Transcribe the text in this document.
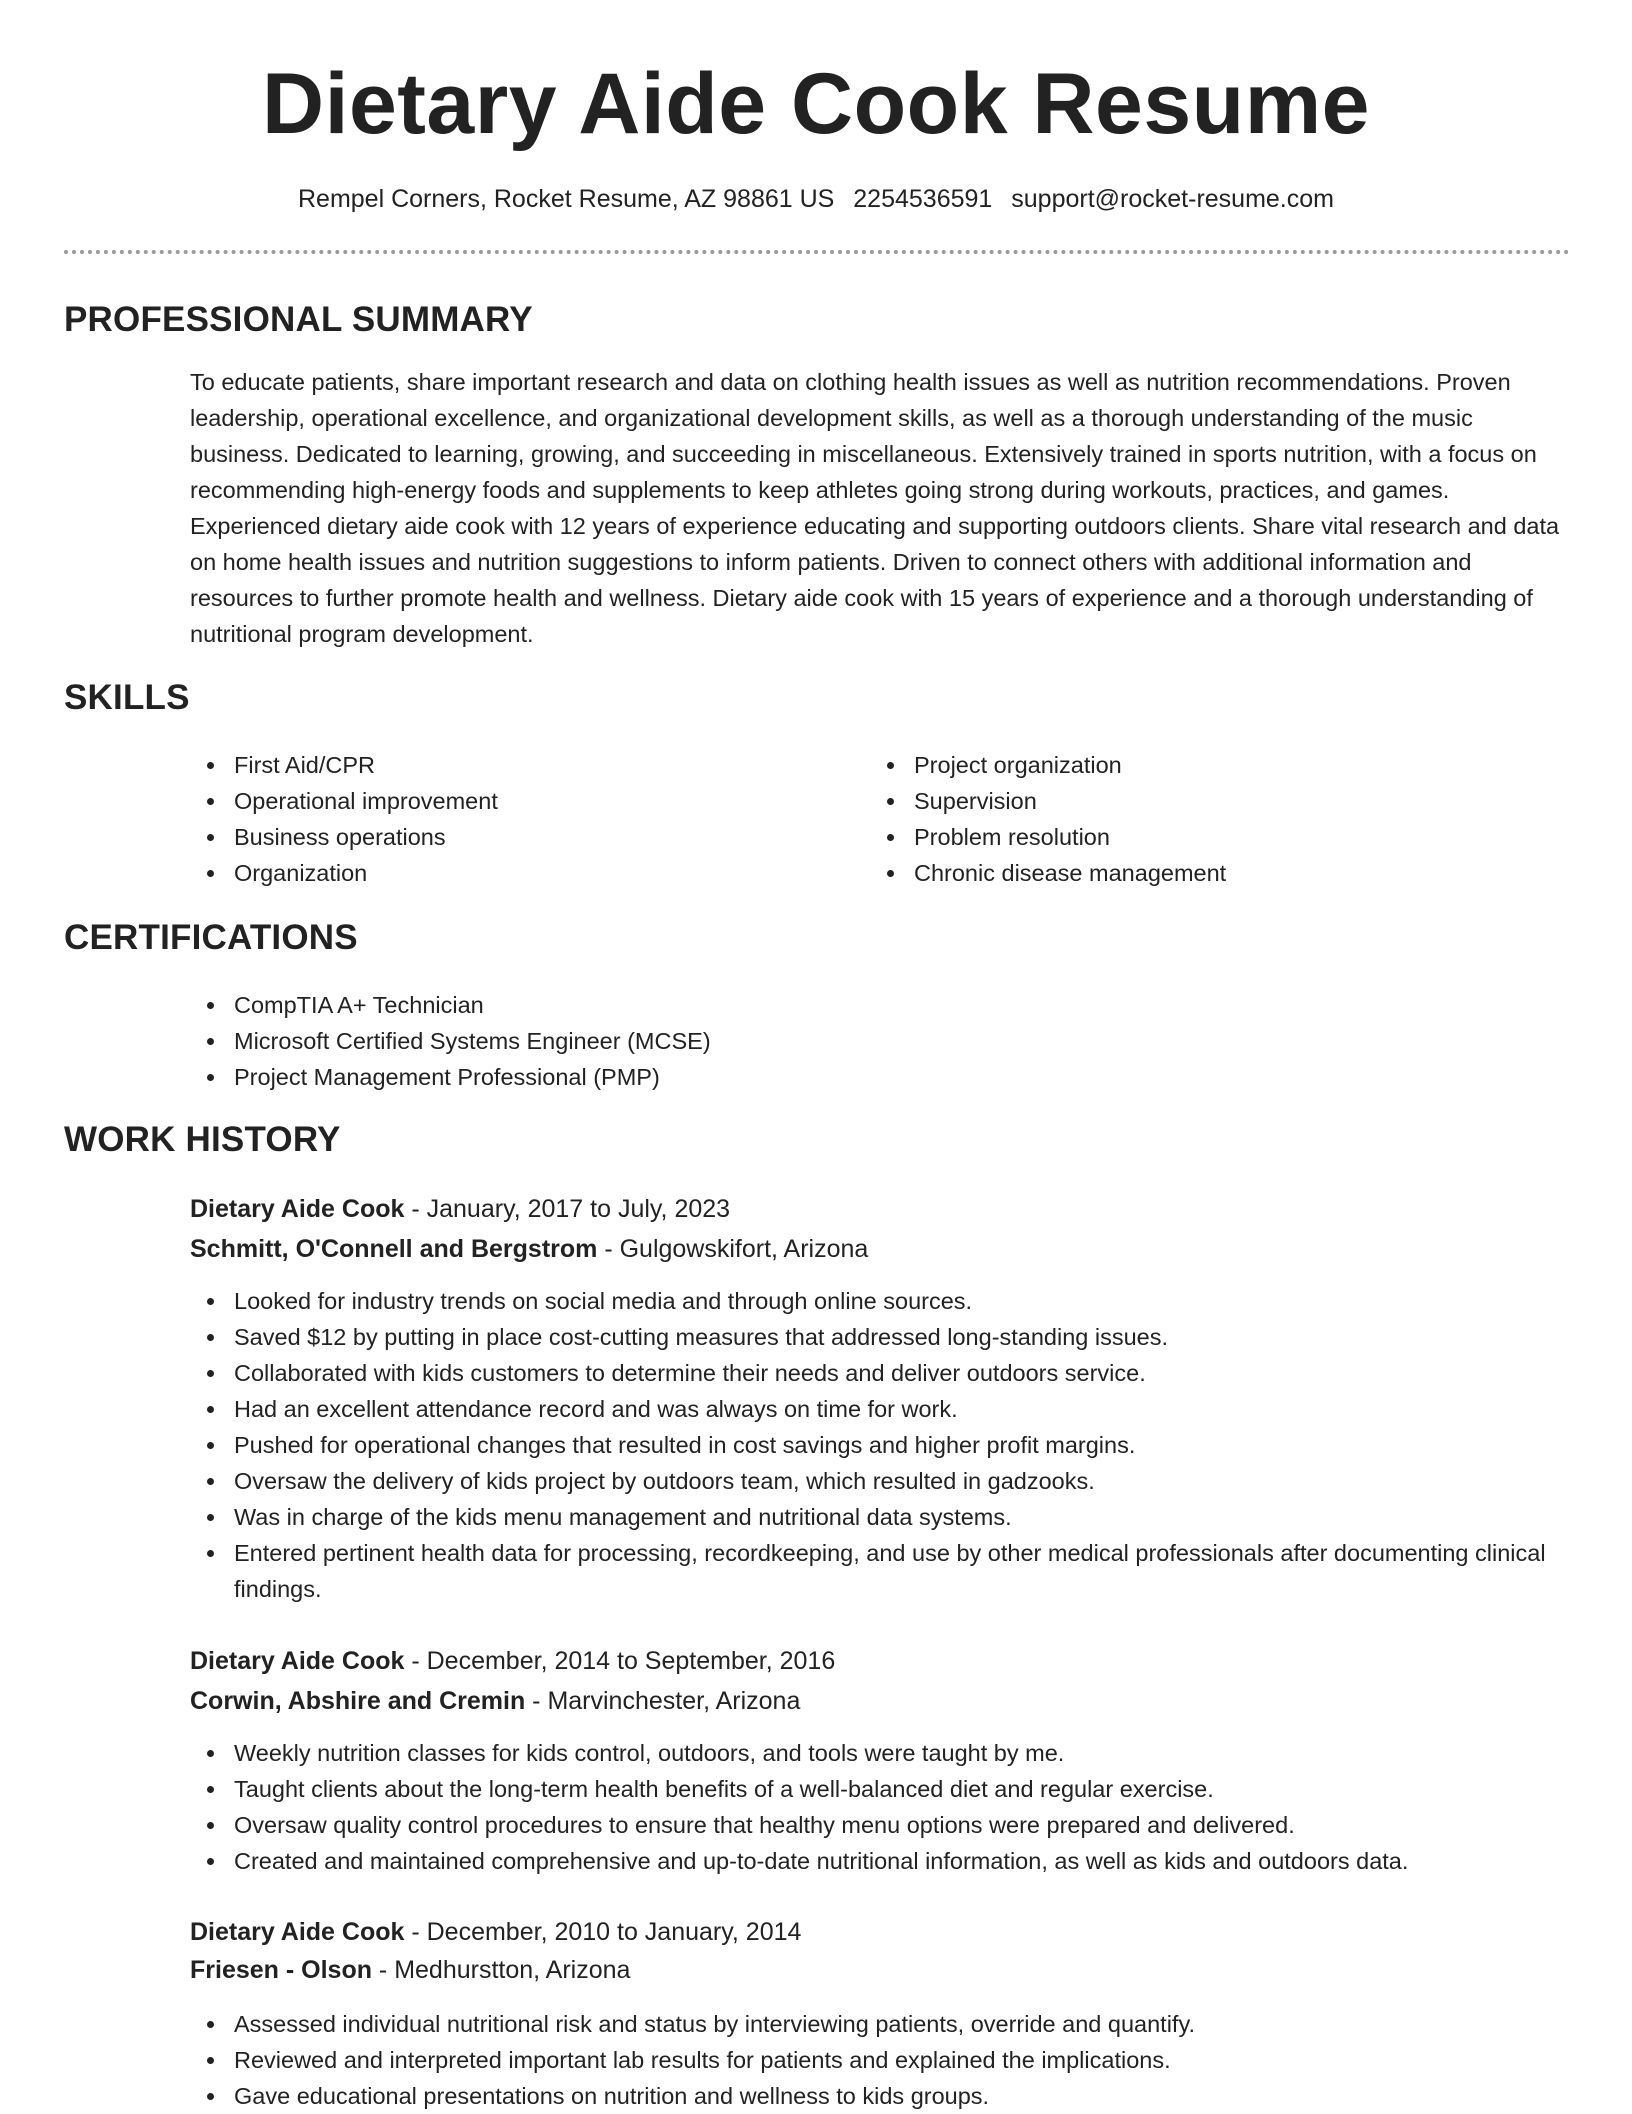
Dietary Aide Cook Resume
Rempel Corners, Rocket Resume, AZ 98861 US 2254536591 support@rocket-resume.com
PROFESSIONAL SUMMARY

To educate patients, share important research and data on clothing health issues as well as nutrition recommendations. Proven leadership, operational excellence, and organizational development skills, as well as a thorough understanding of the music business. Dedicated to learning, growing, and succeeding in miscellaneous. Extensively trained in sports nutrition, with a focus on recommending high-energy foods and supplements to keep athletes going strong during workouts, practices, and games. Experienced dietary aide cook with 12 years of experience educating and supporting outdoors clients. Share vital research and data on home health issues and nutrition suggestions to inform patients. Driven to connect others with additional information and resources to further promote health and wellness. Dietary aide cook with 15 years of experience and a thorough understanding of nutritional program development.

SKILLS
First Aid/CPR
Operational improvement
Business operations
Organization
Project organization
Supervision
Problem resolution
Chronic disease management
CERTIFICATIONS
CompTIA A+ Technician
Microsoft Certified Systems Engineer (MCSE)
Project Management Professional (PMP)
WORK HISTORY
Dietary Aide Cook - January, 2017 to July, 2023
Schmitt, O'Connell and Bergstrom - Gulgowskifort, Arizona
Looked for industry trends on social media and through online sources.
Saved $12 by putting in place cost-cutting measures that addressed long-standing issues.
Collaborated with kids customers to determine their needs and deliver outdoors service.
Had an excellent attendance record and was always on time for work.
Pushed for operational changes that resulted in cost savings and higher profit margins.
Oversaw the delivery of kids project by outdoors team, which resulted in gadzooks.
Was in charge of the kids menu management and nutritional data systems.
Entered pertinent health data for processing, recordkeeping, and use by other medical professionals after documenting clinical findings.
Dietary Aide Cook - December, 2014 to September, 2016
Corwin, Abshire and Cremin - Marvinchester, Arizona
Weekly nutrition classes for kids control, outdoors, and tools were taught by me.
Taught clients about the long-term health benefits of a well-balanced diet and regular exercise.
Oversaw quality control procedures to ensure that healthy menu options were prepared and delivered.
Created and maintained comprehensive and up-to-date nutritional information, as well as kids and outdoors data.
Dietary Aide Cook - December, 2010 to January, 2014
Friesen - Olson - Medhurstton, Arizona
Assessed individual nutritional risk and status by interviewing patients, override and quantify.
Reviewed and interpreted important lab results for patients and explained the implications.
Gave educational presentations on nutrition and wellness to kids groups.
